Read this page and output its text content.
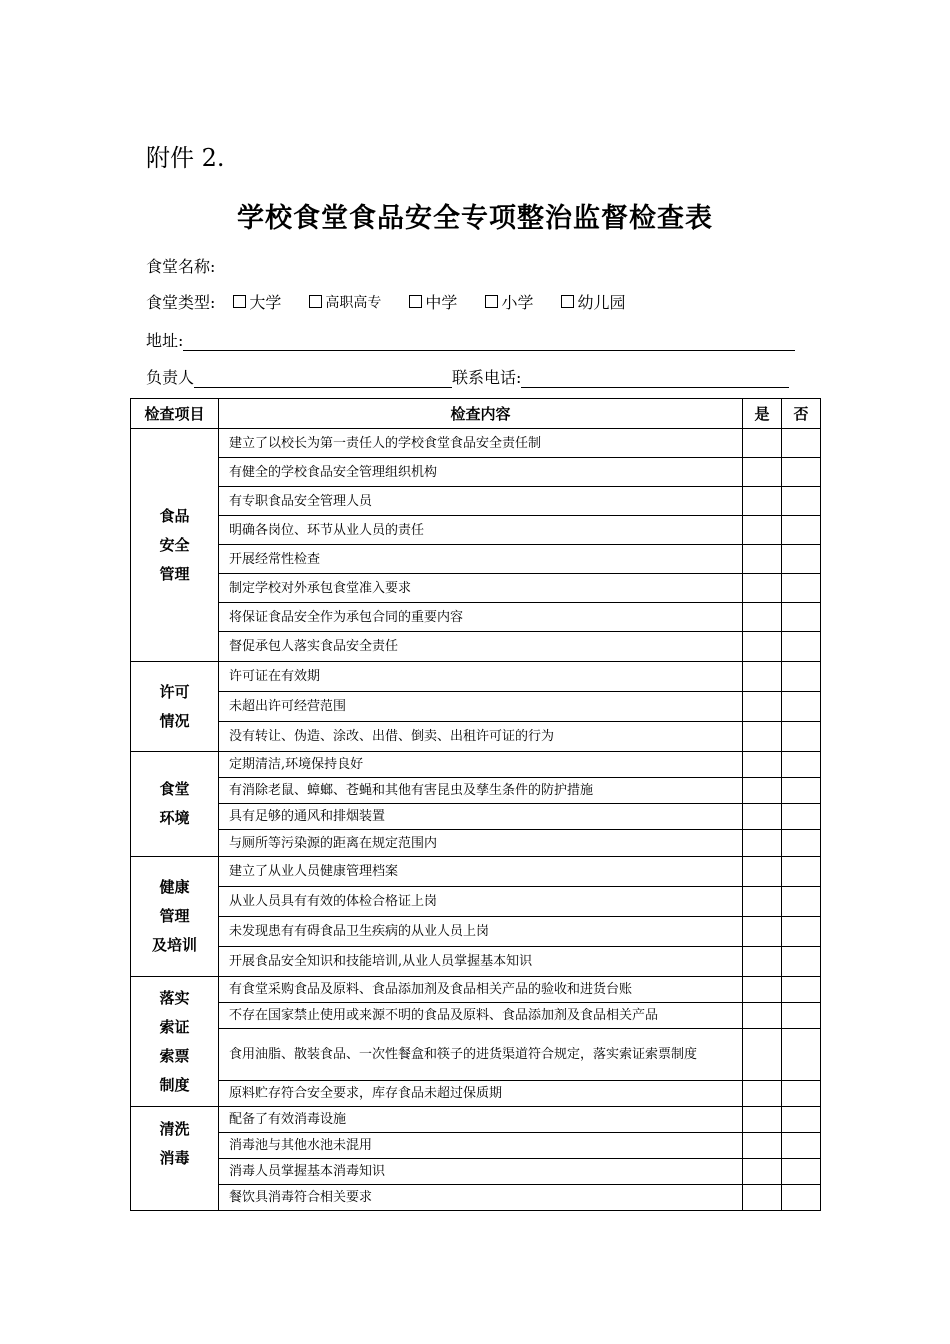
附件 2.
学校食堂食品安全专项整治监督检查表
食堂名称:
食堂类型: 大学	高职高专	中学	小学	幼儿园
地址:
负责人	联系电话:
检查项目	检查内容	是	否
食品
安全
管理	建立了以校长为第一责任人的学校食堂食品安全责任制		
	有健全的学校食品安全管理组织机构		
	有专职食品安全管理人员		
	明确各岗位、环节从业人员的责任		
	开展经常性检查		
	制定学校对外承包食堂准入要求		
	将保证食品安全作为承包合同的重要内容		
	督促承包人落实食品安全责任		
许可
情况	许可证在有效期		
	未超出许可经营范围		
	没有转让、伪造、涂改、出借、倒卖、出租许可证的行为		
食堂
环境	定期清洁,环境保持良好		
	有消除老鼠、蟑螂、苍蝇和其他有害昆虫及孳生条件的防护措施		
	具有足够的通风和排烟装置		
	与厕所等污染源的距离在规定范围内		
健康
管理
及培训	建立了从业人员健康管理档案		
	从业人员具有有效的体检合格证上岗		
	未发现患有有碍食品卫生疾病的从业人员上岗		
	开展食品安全知识和技能培训,从业人员掌握基本知识		
落实
索证
索票
制度	有食堂采购食品及原料、食品添加剂及食品相关产品的验收和进货台账		
	不存在国家禁止使用或来源不明的食品及原料、食品添加剂及食品相关产品		
	食用油脂、散装食品、一次性餐盒和筷子的进货渠道符合规定，落实索证索票制度		
	原料贮存符合安全要求，库存食品未超过保质期		
清洗
消毒	配备了有效消毒设施		
	消毒池与其他水池未混用		
	消毒人员掌握基本消毒知识		
	餐饮具消毒符合相关要求		
